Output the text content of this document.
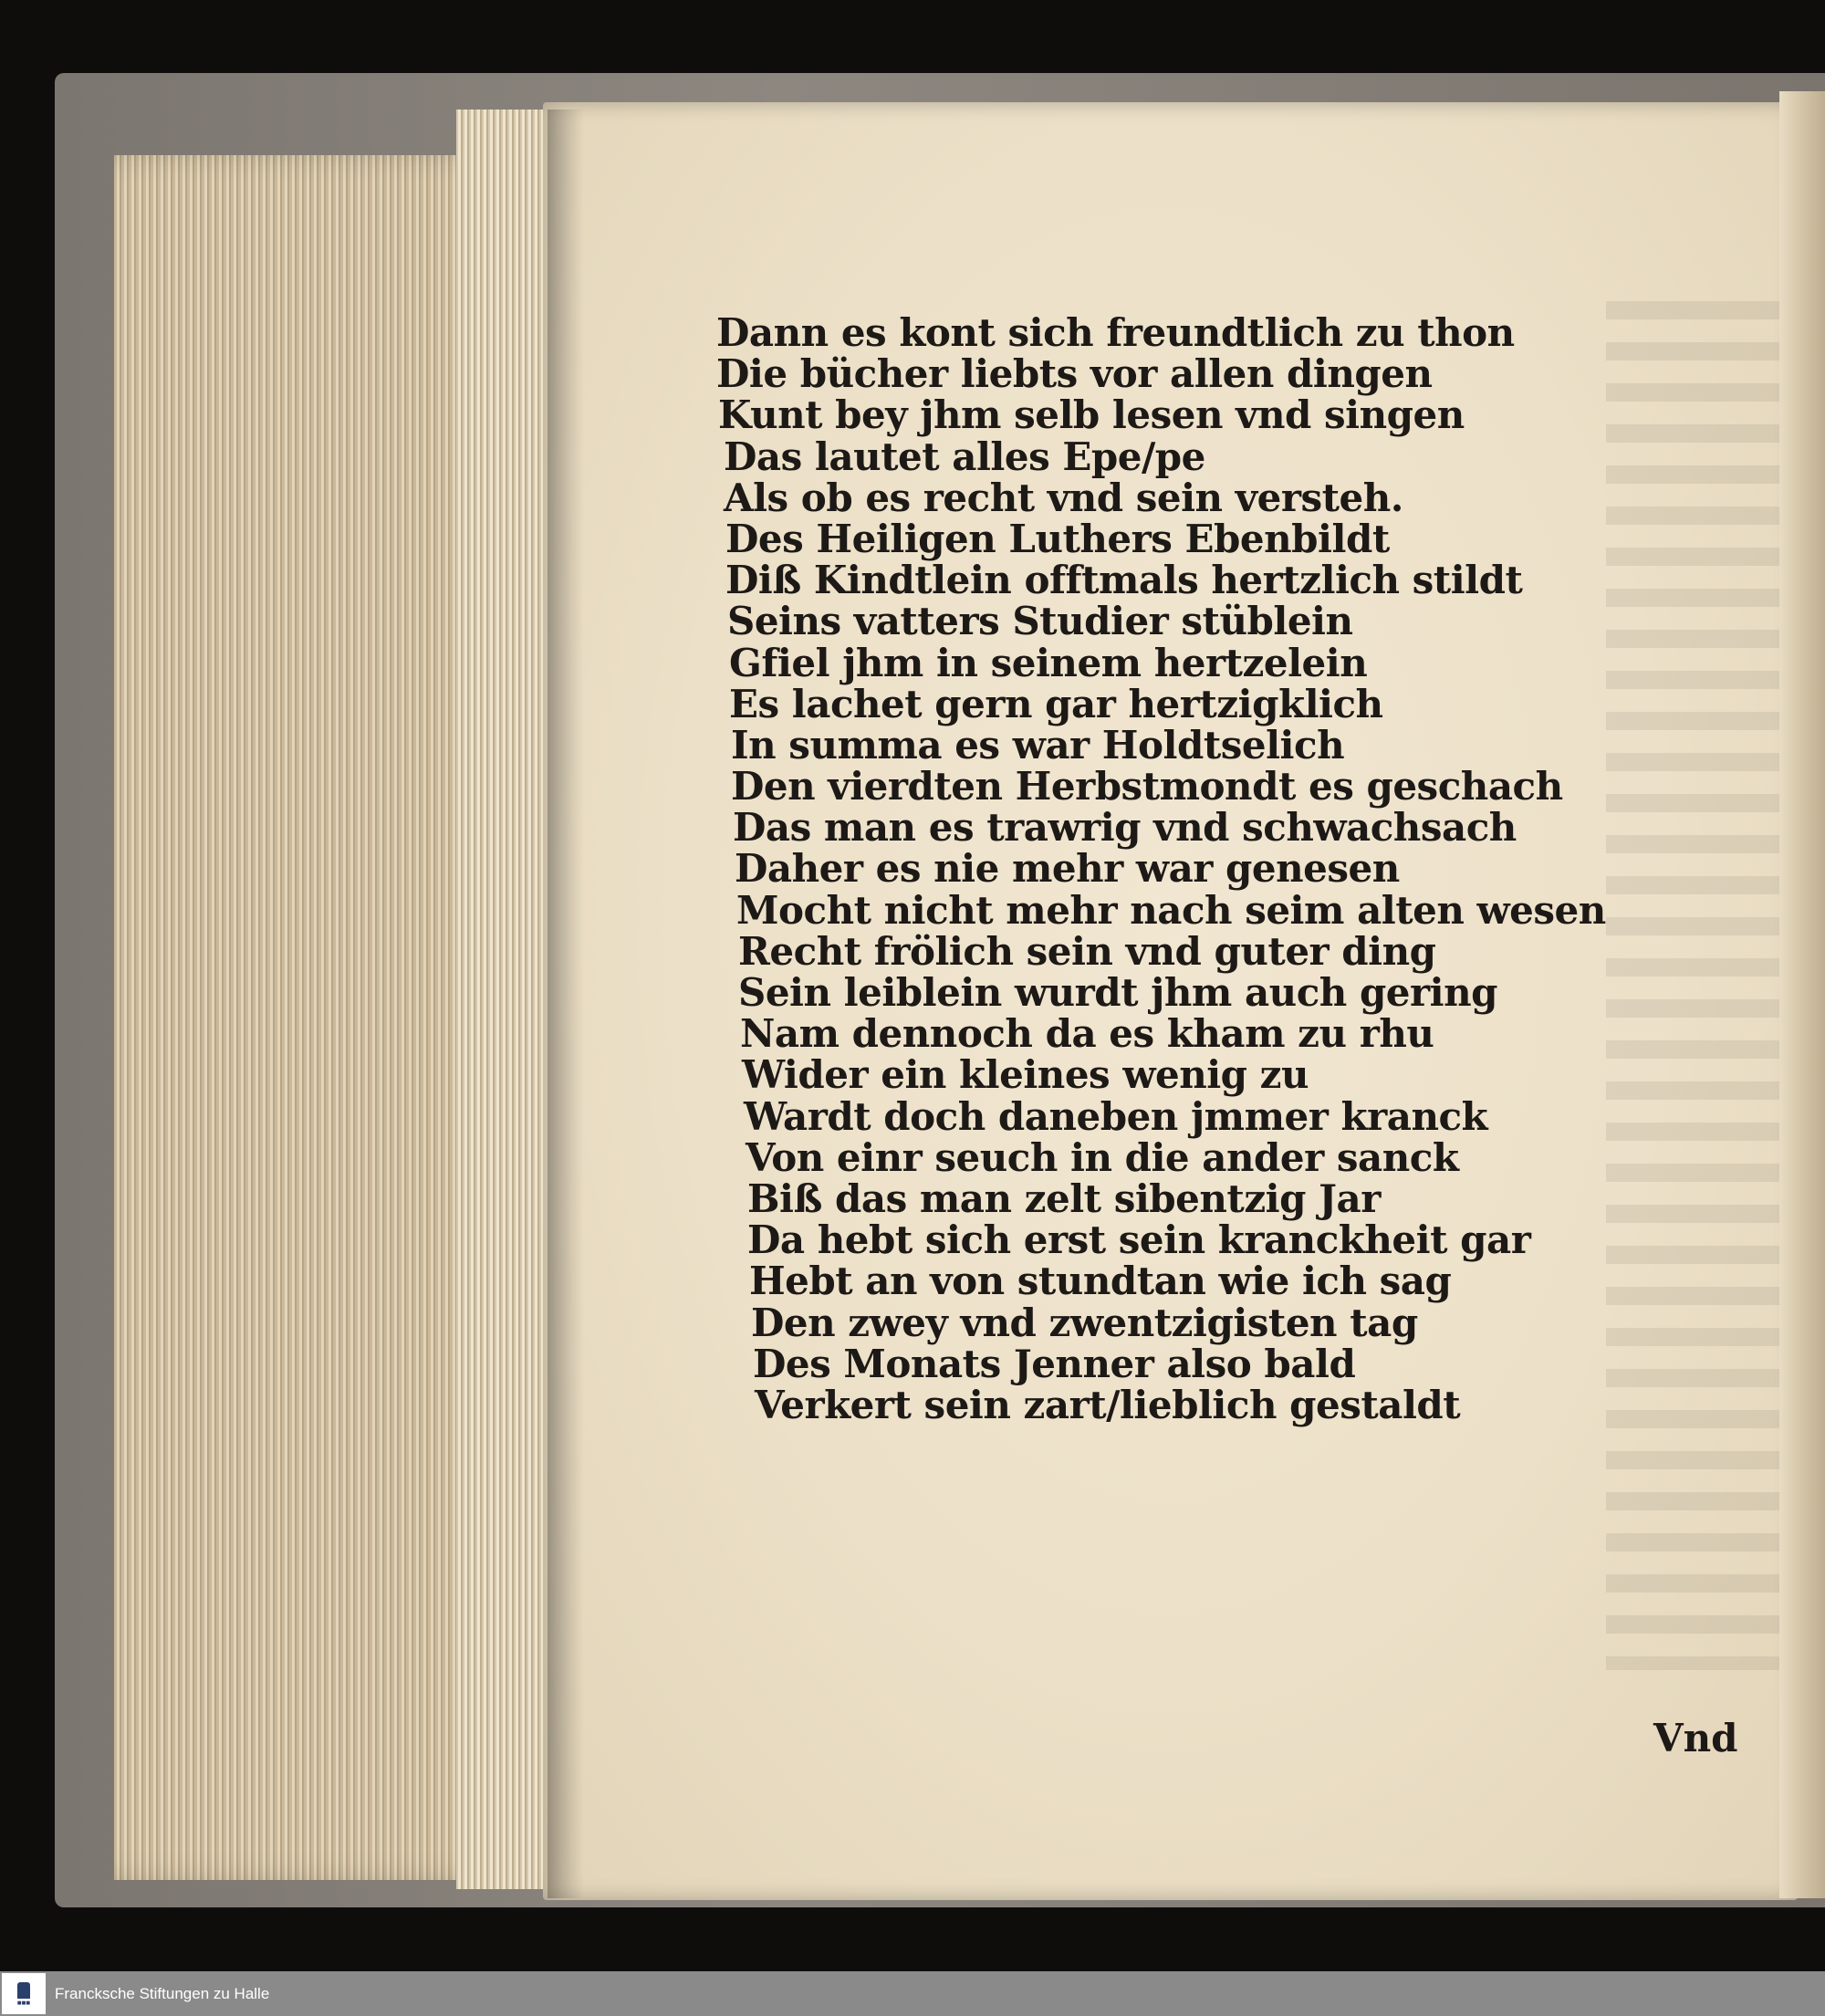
Dann es kont sich freundtlich zu thon
Die bücher liebts vor allen dingen
Kunt bey jhm selb lesen vnd singen
Das lautet alles Epe/pe
Als ob es recht vnd sein versteh.
Des Heiligen Luthers Ebenbildt
Diß Kindtlein offtmals hertzlich stildt
Seins vatters Studier stüblein
Gfiel jhm in seinem hertzelein
Es lachet gern gar hertzigklich
In summa es war Holdtselich
Den vierdten Herbstmondt es geschach
Das man es trawrig vnd schwachsach
Daher es nie mehr war genesen
Mocht nicht mehr nach seim alten wesen
Recht frölich sein vnd guter ding
Sein leiblein wurdt jhm auch gering
Nam dennoch da es kham zu rhu
Wider ein kleines wenig zu
Wardt doch daneben jmmer kranck
Von einr seuch in die ander sanck
Biß das man zelt sibentzig Jar
Da hebt sich erst sein kranckheit gar
Hebt an von stundtan wie ich sag
Den zwey vnd zwentzigisten tag
Des Monats Jenner also bald
Verkert sein zart/lieblich gestaldt
Vnd
■■■
Francksche Stiftungen zu Halle
